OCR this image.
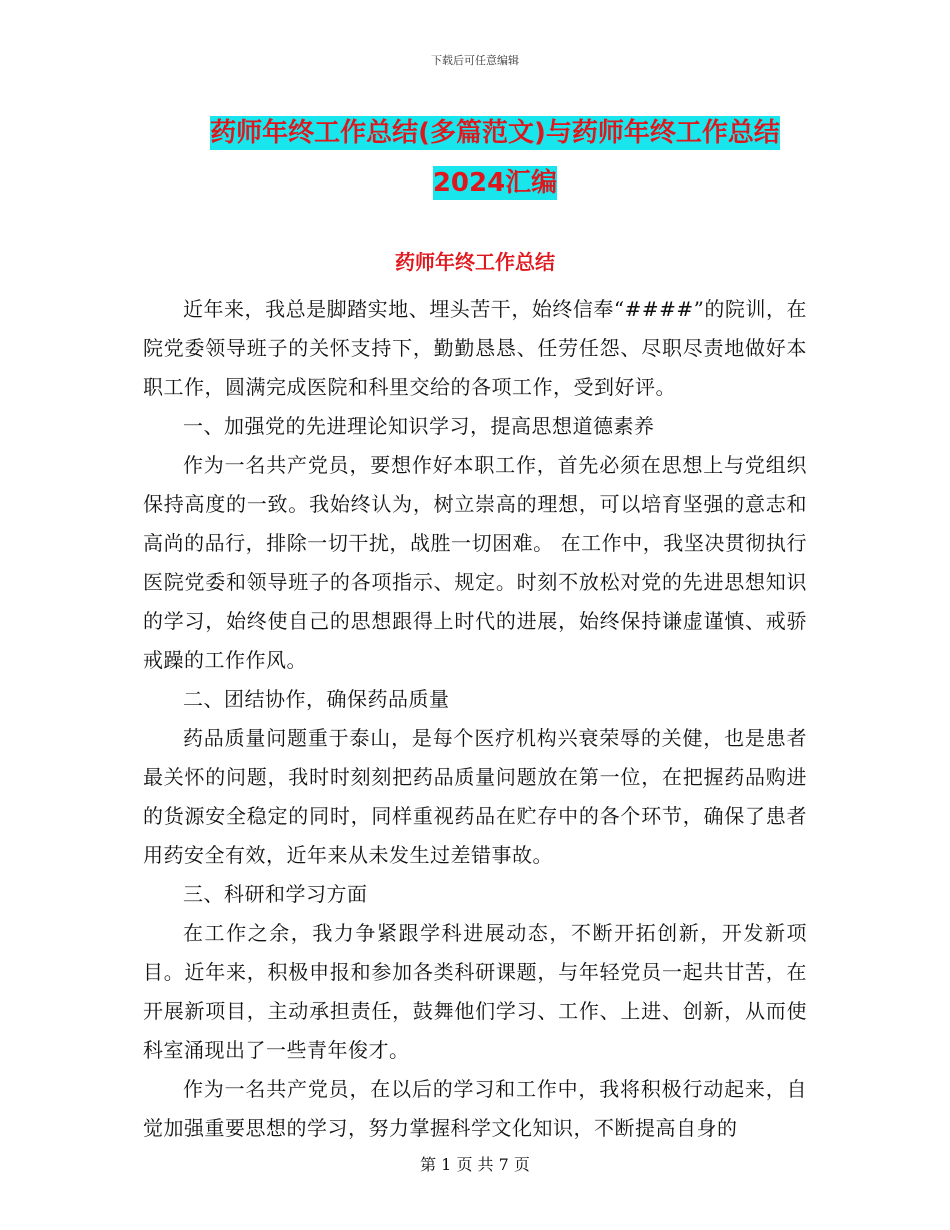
下载后可任意编辑
药师年终工作总结(多篇范文)与药师年终工作总结
2024汇编
药师年终工作总结

近年来，我总是脚踏实地、埋头苦干，始终信奉“####”的院训，在院党委领导班子的关怀支持下，勤勤恳恳、任劳任怨、尽职尽责地做好本职工作，圆满完成医院和科里交给的各项工作，受到好评。

一、加强党的先进理论知识学习，提高思想道德素养

作为一名共产党员，要想作好本职工作，首先必须在思想上与党组织保持高度的一致。我始终认为，树立崇高的理想，可以培育坚强的意志和高尚的品行，排除一切干扰，战胜一切困难。 在工作中，我坚决贯彻执行医院党委和领导班子的各项指示、规定。时刻不放松对党的先进思想知识的学习，始终使自己的思想跟得上时代的进展，始终保持谦虚谨慎、戒骄戒躁的工作作风。

二、团结协作，确保药品质量

药品质量问题重于泰山，是每个医疗机构兴衰荣辱的关健，也是患者最关怀的问题，我时时刻刻把药品质量问题放在第一位，在把握药品购进的货源安全稳定的同时，同样重视药品在贮存中的各个环节，确保了患者用药安全有效，近年来从未发生过差错事故。

三、科研和学习方面

在工作之余，我力争紧跟学科进展动态，不断开拓创新，开发新项目。近年来，积极申报和参加各类科研课题，与年轻党员一起共甘苦，在开展新项目，主动承担责任，鼓舞他们学习、工作、上进、创新，从而使科室涌现出了一些青年俊才。

作为一名共产党员，在以后的学习和工作中，我将积极行动起来，自觉加强重要思想的学习，努力掌握科学文化知识，不断提高自身的

第 1 页 共 7 页
